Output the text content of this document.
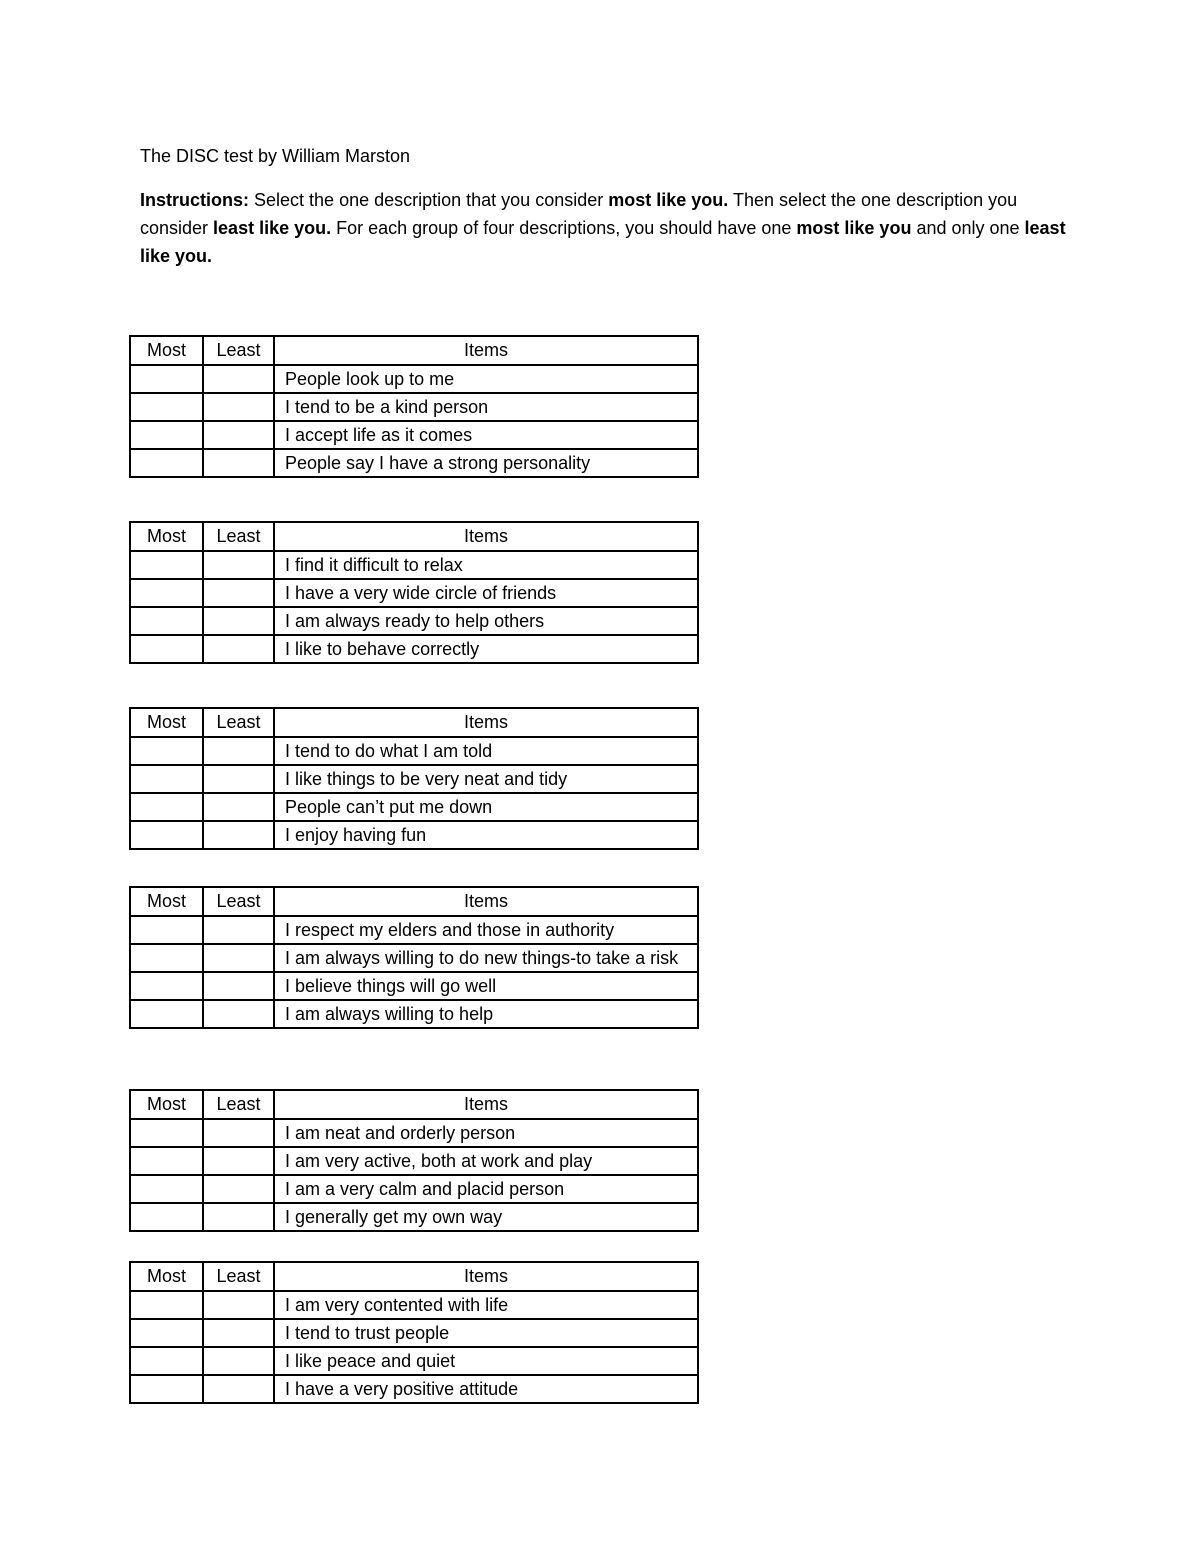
The DISC test by William Marston

Instructions: Select the one description that you consider most like you. Then select the one description you consider least like you. For each group of four descriptions, you should have one most like you and only one least like you.

Most	Least	Items
		People look up to me
		I tend to be a kind person
		I accept life as it comes
		People say I have a strong personality
Most	Least	Items
		I find it difficult to relax
		I have a very wide circle of friends
		I am always ready to help others
		I like to behave correctly
Most	Least	Items
		I tend to do what I am told
		I like things to be very neat and tidy
		People can’t put me down
		I enjoy having fun
Most	Least	Items
		I respect my elders and those in authority
		I am always willing to do new things-to take a risk
		I believe things will go well
		I am always willing to help
Most	Least	Items
		I am neat and orderly person
		I am very active, both at work and play
		I am a very calm and placid person
		I generally get my own way
Most	Least	Items
		I am very contented with life
		I tend to trust people
		I like peace and quiet
		I have a very positive attitude
